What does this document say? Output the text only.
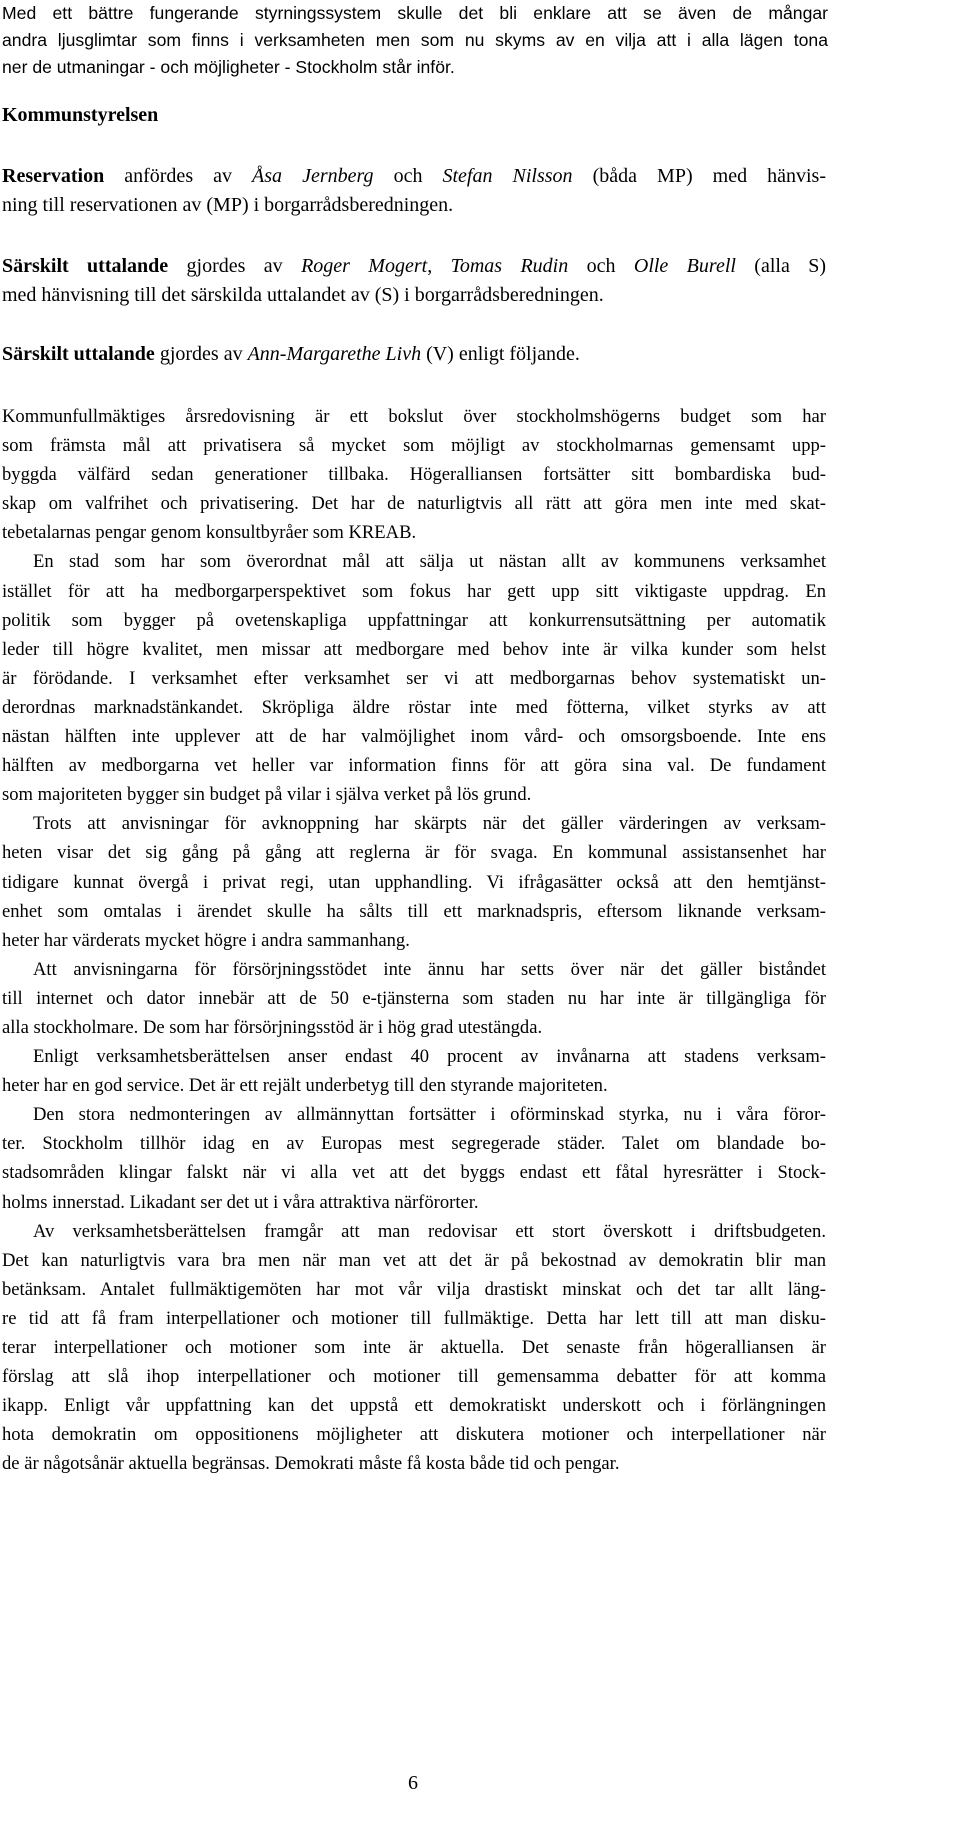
Med ett bättre fungerande styrningssystem skulle det bli enklare att se även de mångar
andra ljusglimtar som finns i verksamheten men som nu skyms av en vilja att i alla lägen tona
ner de utmaningar - och möjligheter - Stockholm står inför.
Kommunstyrelsen
Reservation anfördes av Åsa Jernberg och Stefan Nilsson (båda MP) med hänvis-
ning till reservationen av (MP) i borgarrådsberedningen.
Särskilt uttalande gjordes av Roger Mogert, Tomas Rudin och Olle Burell (alla S)
med hänvisning till det särskilda uttalandet av (S) i borgarrådsberedningen.
Särskilt uttalande gjordes av Ann-Margarethe Livh (V) enligt följande.
Kommunfullmäktiges årsredovisning är ett bokslut över stockholmshögerns budget som har
som främsta mål att privatisera så mycket som möjligt av stockholmarnas gemensamt upp-
byggda välfärd sedan generationer tillbaka. Högeralliansen fortsätter sitt bombardiska bud-
skap om valfrihet och privatisering. Det har de naturligtvis all rätt att göra men inte med skat-
tebetalarnas pengar genom konsultbyråer som KREAB.
En stad som har som överordnat mål att sälja ut nästan allt av kommunens verksamhet
istället för att ha medborgarperspektivet som fokus har gett upp sitt viktigaste uppdrag. En
politik som bygger på ovetenskapliga uppfattningar att konkurrensutsättning per automatik
leder till högre kvalitet, men missar att medborgare med behov inte är vilka kunder som helst
är förödande. I verksamhet efter verksamhet ser vi att medborgarnas behov systematiskt un-
derordnas marknadstänkandet. Skröpliga äldre röstar inte med fötterna, vilket styrks av att
nästan hälften inte upplever att de har valmöjlighet inom vård- och omsorgsboende. Inte ens
hälften av medborgarna vet heller var information finns för att göra sina val. De fundament
som majoriteten bygger sin budget på vilar i själva verket på lös grund.
Trots att anvisningar för avknoppning har skärpts när det gäller värderingen av verksam-
heten visar det sig gång på gång att reglerna är för svaga. En kommunal assistansenhet har
tidigare kunnat övergå i privat regi, utan upphandling. Vi ifrågasätter också att den hemtjänst-
enhet som omtalas i ärendet skulle ha sålts till ett marknadspris, eftersom liknande verksam-
heter har värderats mycket högre i andra sammanhang.
Att anvisningarna för försörjningsstödet inte ännu har setts över när det gäller biståndet
till internet och dator innebär att de 50 e-tjänsterna som staden nu har inte är tillgängliga för
alla stockholmare. De som har försörjningsstöd är i hög grad utestängda.
Enligt verksamhetsberättelsen anser endast 40 procent av invånarna att stadens verksam-
heter har en god service. Det är ett rejält underbetyg till den styrande majoriteten.
Den stora nedmonteringen av allmännyttan fortsätter i oförminskad styrka, nu i våra föror-
ter. Stockholm tillhör idag en av Europas mest segregerade städer. Talet om blandade bo-
stadsområden klingar falskt när vi alla vet att det byggs endast ett fåtal hyresrätter i Stock-
holms innerstad. Likadant ser det ut i våra attraktiva närförorter.
Av verksamhetsberättelsen framgår att man redovisar ett stort överskott i driftsbudgeten.
Det kan naturligtvis vara bra men när man vet att det är på bekostnad av demokratin blir man
betänksam. Antalet fullmäktigemöten har mot vår vilja drastiskt minskat och det tar allt läng-
re tid att få fram interpellationer och motioner till fullmäktige. Detta har lett till att man disku-
terar interpellationer och motioner som inte är aktuella. Det senaste från högeralliansen är
förslag att slå ihop interpellationer och motioner till gemensamma debatter för att komma
ikapp. Enligt vår uppfattning kan det uppstå ett demokratiskt underskott och i förlängningen
hota demokratin om oppositionens möjligheter att diskutera motioner och interpellationer när
de är någotsånär aktuella begränsas. Demokrati måste få kosta både tid och pengar.
6
